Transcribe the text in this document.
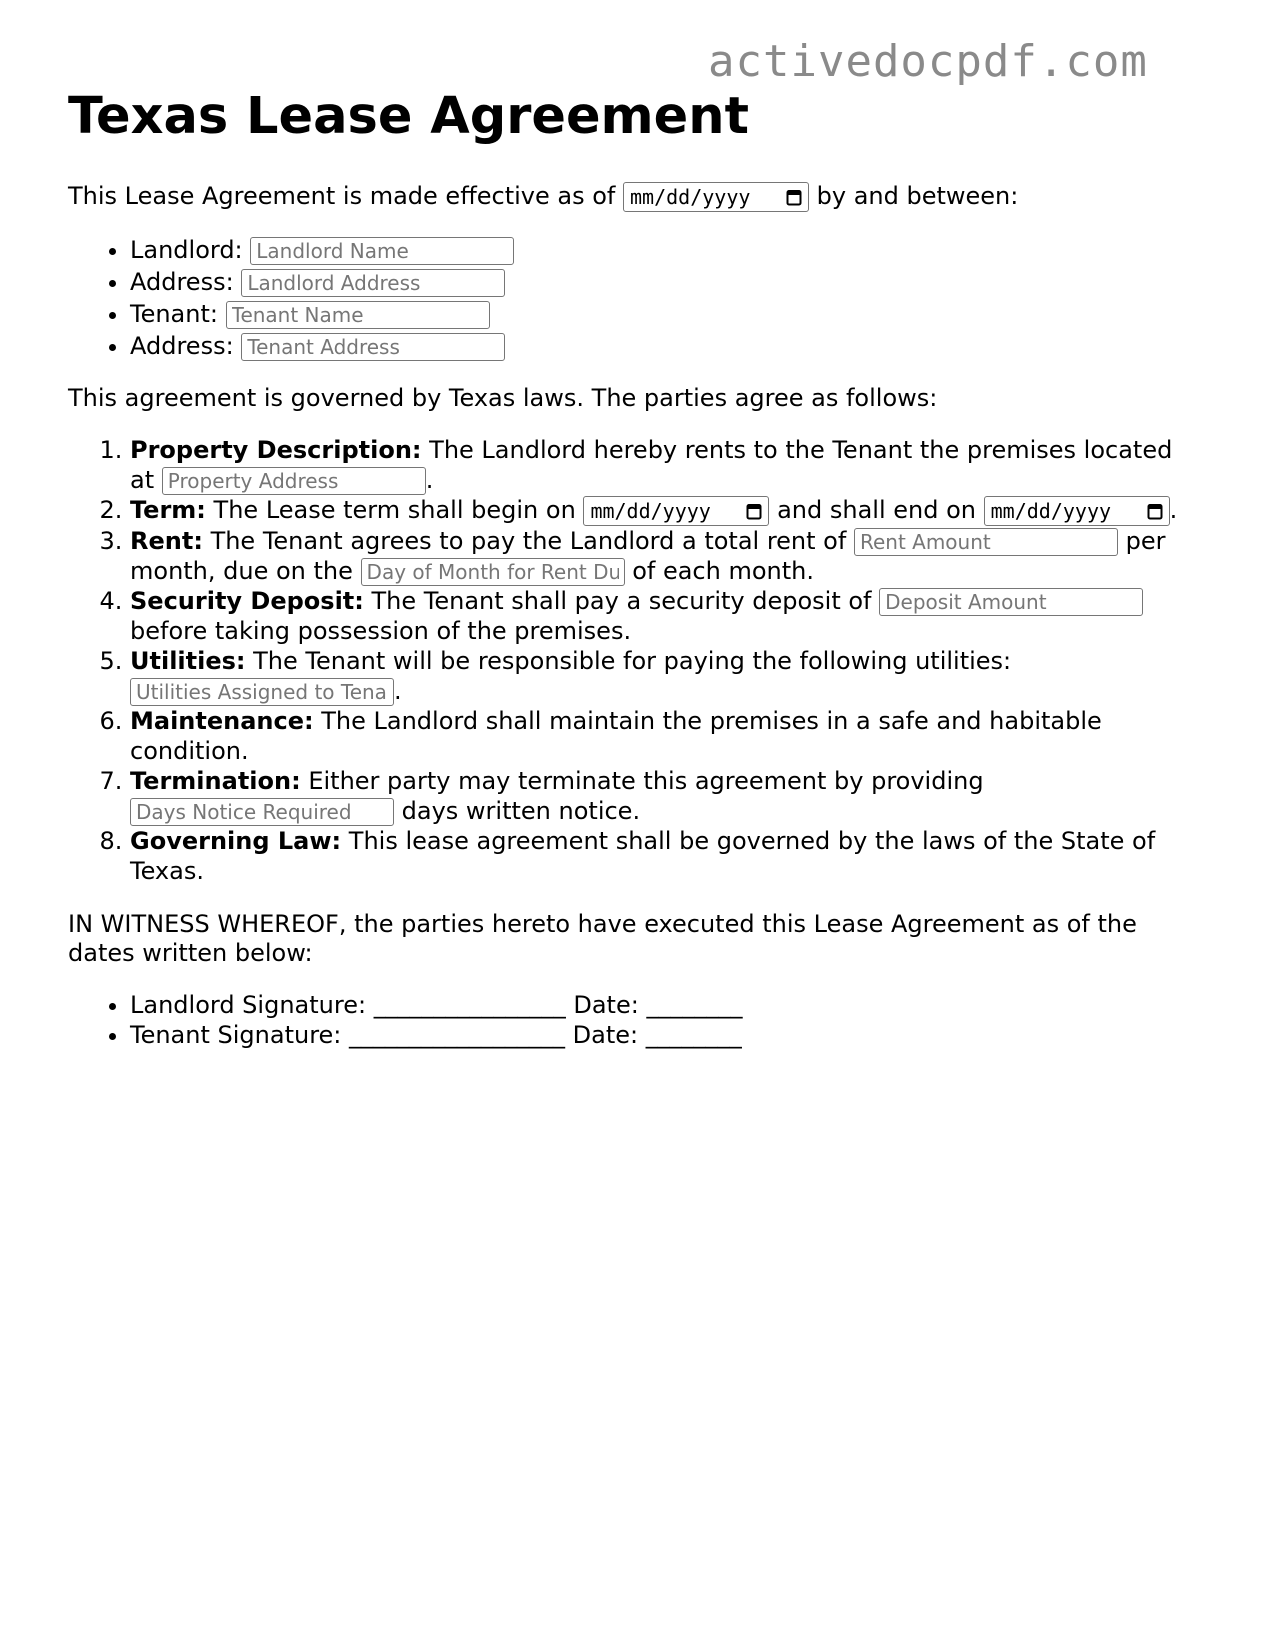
activedocpdf.com
Texas Lease Agreement

This Lease Agreement is made effective as of mm/dd/yyyy	by and between:

• Landlord: Landlord Name
• Address: Landlord Address
• Tenant: Tenant Name
• Address: Tenant Address

This agreement is governed by Texas laws. The parties agree as follows:

1. Property Description: The Landlord hereby rents to the Tenant the premises located at Property Address	.
2. Term: The Lease term shall begin on mm/dd/yyyy	and shall end on mm/dd/yyyy .
3. Rent: The Tenant agrees to pay the Landlord a total rent of Rent Amount	per month, due on the Day of Month for Rent Due	of each month.
4. Security Deposit: The Tenant shall pay a security deposit of Deposit Amount before taking possession of the premises.
5. Utilities: The Tenant will be responsible for paying the following utilities: Utilities Assigned to Tenant.
6. Maintenance: The Landlord shall maintain the premises in a safe and habitable condition.
7. Termination: Either party may terminate this agreement by providing Days Notice Required days written notice.
8. Governing Law: This lease agreement shall be governed by the laws of the State of Texas.

IN WITNESS WHEREOF, the parties hereto have executed this Lease Agreement as of the dates written below:

• Landlord Signature: ________________ Date: ________
• Tenant Signature: __________________ Date: ________
